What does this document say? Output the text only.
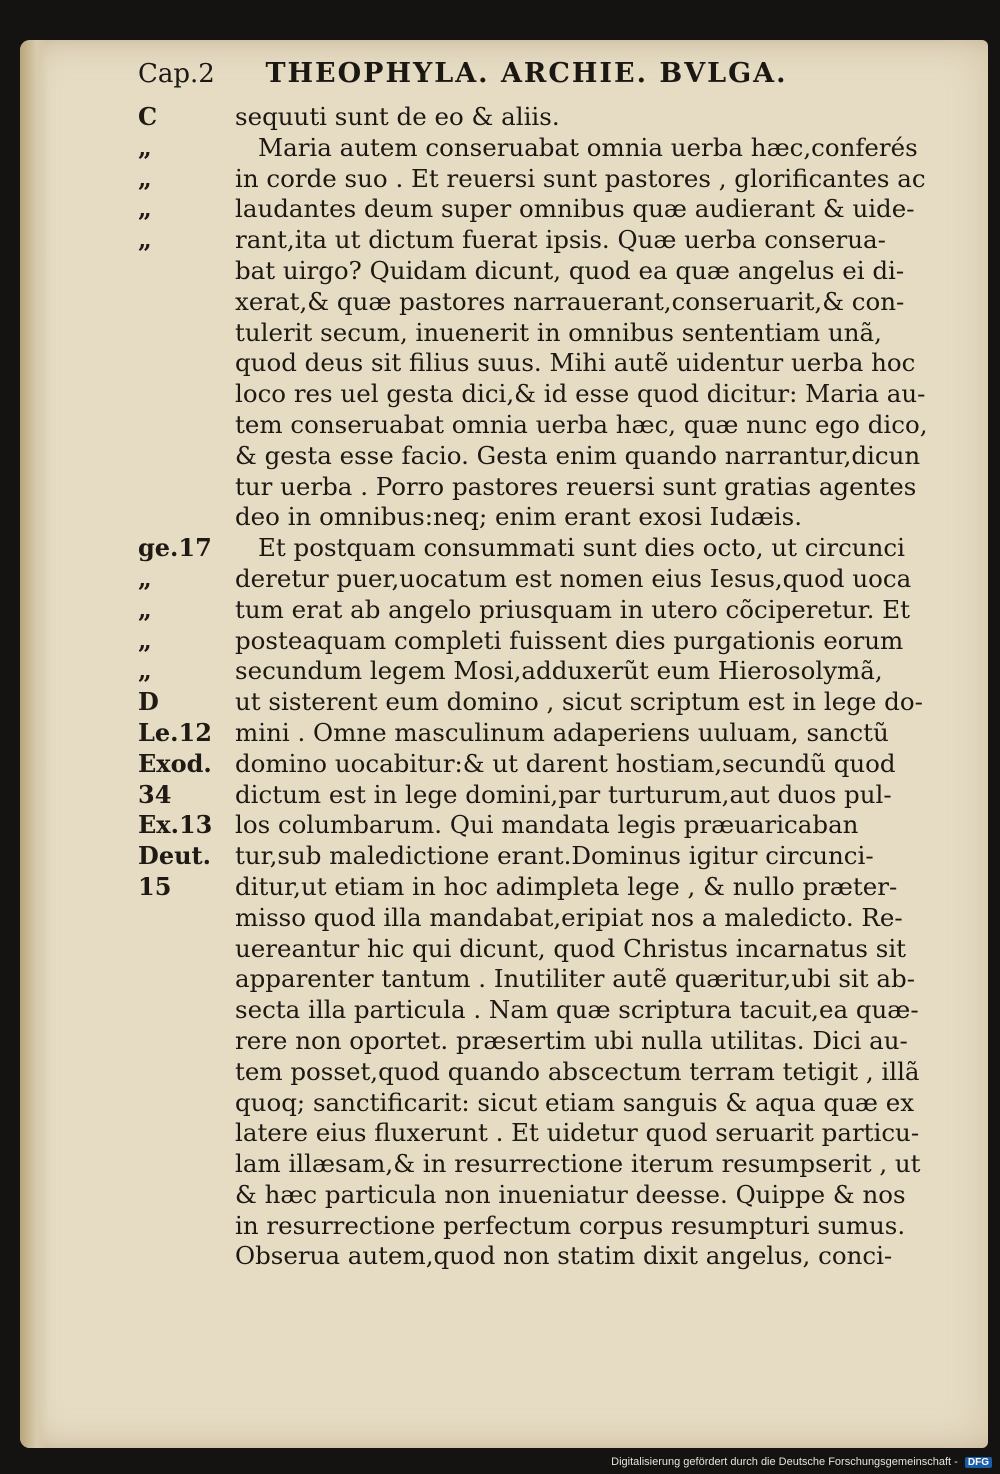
Cap.2 THEOPHYLA. ARCHIE. BVLGA.
C	sequuti sunt de eo & aliis.
„	Maria autem conseruabat omnia uerba hæc,conferés
„	in corde suo . Et reuersi sunt pastores , glorificantes ac
„	laudantes deum super omnibus quæ audierant & uide-
„	rant,ita ut dictum fuerat ipsis. Quæ uerba conserua-
bat uirgo? Quidam dicunt, quod ea quæ angelus ei di-
xerat,& quæ pastores narrauerant,conseruarit,& con-
tulerit secum, inuenerit in omnibus sententiam unã,
quod deus sit filius suus. Mihi autẽ uidentur uerba hoc
loco res uel gesta dici,& id esse quod dicitur: Maria au-
tem conseruabat omnia uerba hæc, quæ nunc ego dico,
& gesta esse facio. Gesta enim quando narrantur,dicun
tur uerba . Porro pastores reuersi sunt gratias agentes
deo in omnibus:neq; enim erant exosi Iudæis.
ge.17	Et postquam consummati sunt dies octo, ut circunci
„	deretur puer,uocatum est nomen eius Iesus,quod uoca
„	tum erat ab angelo priusquam in utero cõciperetur. Et
„	posteaquam completi fuissent dies purgationis eorum
„	secundum legem Mosi,adduxerũt eum Hierosolymã,
D	ut sisterent eum domino , sicut scriptum est in lege do-
Le.12 mini . Omne masculinum adaperiens uuluam, sanctũ
Exod. domino uocabitur:& ut darent hostiam,secundũ quod
34	dictum est in lege domini,par turturum,aut duos pul-
Ex.13 los columbarum. Qui mandata legis præuaricaban
Deut. tur,sub maledictione erant.Dominus igitur circunci-
15	ditur,ut etiam in hoc adimpleta lege , & nullo præter-
misso quod illa mandabat,eripiat nos a maledicto. Re-
uereantur hic qui dicunt, quod Christus incarnatus sit
apparenter tantum . Inutiliter autẽ quæritur,ubi sit ab-
secta illa particula . Nam quæ scriptura tacuit,ea quæ-
rere non oportet. præsertim ubi nulla utilitas. Dici au-
tem posset,quod quando abscectum terram tetigit , illã
quoq; sanctificarit: sicut etiam sanguis & aqua quæ ex
latere eius fluxerunt . Et uidetur quod seruarit particu-
lam illæsam,& in resurrectione iterum resumpserit , ut
& hæc particula non inueniatur deesse. Quippe & nos
in resurrectione perfectum corpus resumpturi sumus.
Obserua autem,quod non statim dixit angelus, conci-
Digitalisierung gefördert durch die Deutsche Forschungsgemeinschaft - DFG
